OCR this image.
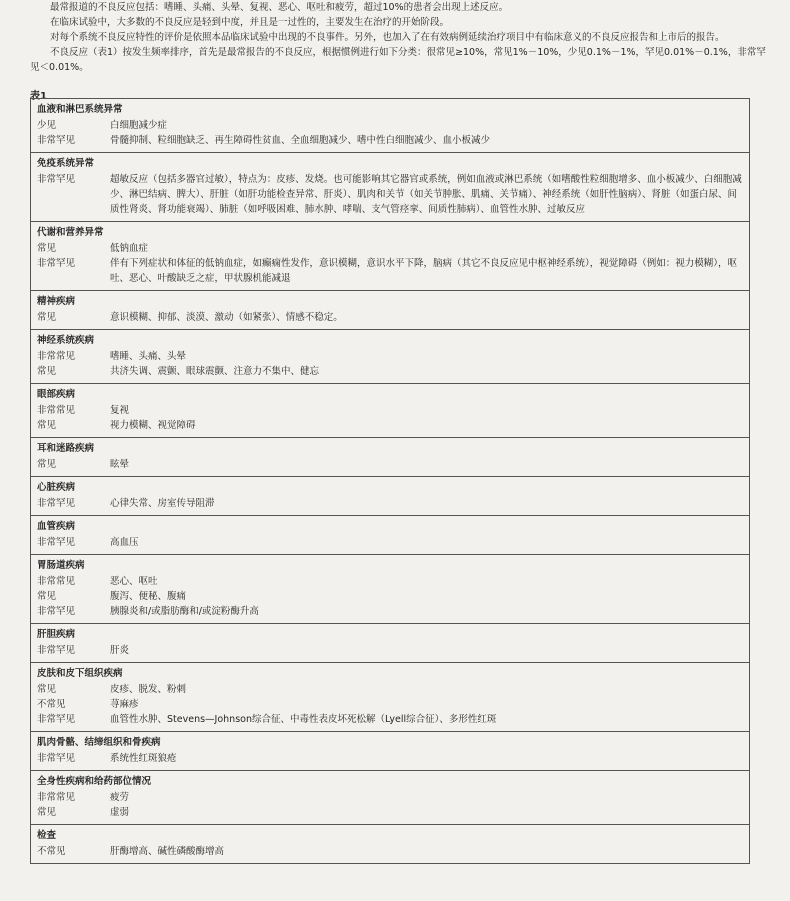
最常报道的不良反应包括：嗜睡、头痛、头晕、复视、恶心、呕吐和疲劳，超过10%的患者会出现上述反应。

在临床试验中，大多数的不良反应是轻到中度，并且是一过性的，主要发生在治疗的开始阶段。

对每个系统不良反应特性的评价是依照本品临床试验中出现的不良事件。另外，也加入了在有效病例延续治疗项目中有临床意义的不良反应报告和上市后的报告。

不良反应（表1）按发生频率排序，首先是最常报告的不良反应，根据惯例进行如下分类：很常见≥10%，常见1%－10%，少见0.1%－1%，罕见0.01%－0.1%，非常罕见＜0.01%。

表1
血液和淋巴系统异常
少见	白细胞减少症
非常罕见	骨髓抑制、粒细胞缺乏、再生障碍性贫血、全血细胞减少、嗜中性白细胞减少、血小板减少
免疫系统异常
非常罕见	超敏反应（包括多器官过敏），特点为：皮疹、发烧。也可能影响其它器官或系统，例如血液或淋巴系统（如嗜酸性粒细胞增多、血小板减少、白细胞减少、淋巴结病、脾大）、肝脏（如肝功能检查异常、肝炎）、肌肉和关节（如关节肿胀、肌痛、关节痛）、神经系统（如肝性脑病）、肾脏（如蛋白尿、间质性肾炎、肾功能衰竭）、肺脏（如呼吸困难、肺水肿、哮喘、支气管痉挛、间质性肺病）、血管性水肿、过敏反应
代谢和营养异常
常见	低钠血症
非常罕见	伴有下列症状和体征的低钠血症，如癫痫性发作，意识模糊，意识水平下降，脑病（其它不良反应见中枢神经系统），视觉障碍（例如：视力模糊），呕吐、恶心、叶酸缺乏之症，甲状腺机能减退
精神疾病
常见	意识模糊、抑郁、淡漠、激动（如紧张）、情感不稳定。
神经系统疾病
非常常见	嗜睡、头痛、头晕
常见	共济失调、震颤、眼球震颤、注意力不集中、健忘
眼部疾病
非常常见	复视
常见	视力模糊、视觉障碍
耳和迷路疾病
常见	眩晕
心脏疾病
非常罕见	心律失常、房室传导阻滞
血管疾病
非常罕见	高血压
胃肠道疾病
非常常见	恶心、呕吐
常见	腹泻、便秘、腹痛
非常罕见	胰腺炎和/或脂肪酶和/或淀粉酶升高
肝胆疾病
非常罕见	肝炎
皮肤和皮下组织疾病
常见	皮疹、脱发、粉刺
不常见	荨麻疹
非常罕见	血管性水肿、Stevens—Johnson综合征、中毒性表皮坏死松解（Lyell综合征）、多形性红斑
肌肉骨骼、结缔组织和骨疾病
非常罕见	系统性红斑狼疮
全身性疾病和给药部位情况
非常常见	疲劳
常见	虚弱
检查
不常见	肝酶增高、碱性磷酸酶增高
